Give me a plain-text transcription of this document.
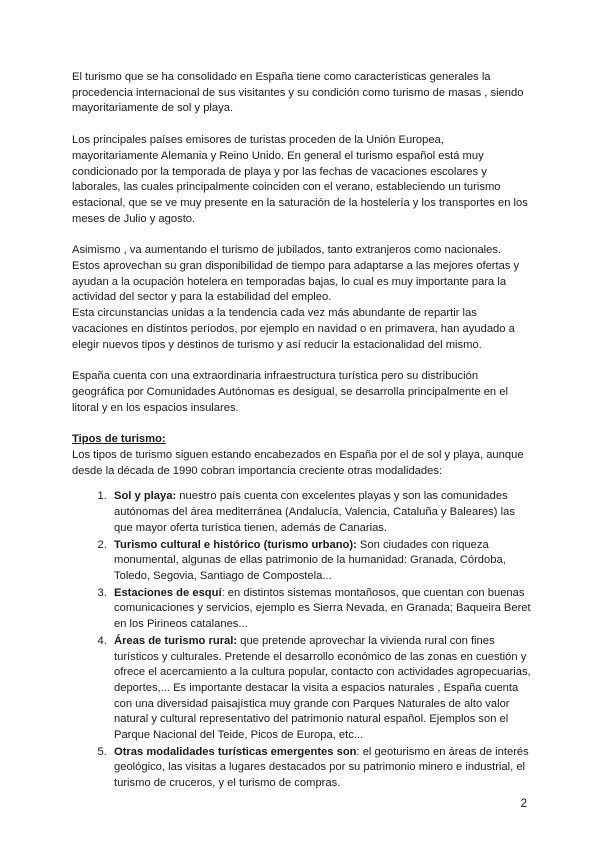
El turismo que se ha consolidado en España tiene como características generales la procedencia internacional de sus visitantes y su condición como turismo de masas , siendo mayoritariamente de sol y playa.

Los principales países emisores de turistas proceden de la Unión Europea, mayoritariamente Alemania y Reino Unido. En general el turismo español está muy condicionado por la temporada de playa y por las fechas de vacaciones escolares y laborales, las cuales principalmente coinciden con el verano, estableciendo un turismo estacional, que se ve muy presente en la saturación de la hostelería y los transportes en los meses de Julio y agosto.

Asimismo , va aumentando el turismo de jubilados, tanto extranjeros como nacionales. Estos aprovechan su gran disponibilidad de tiempo para adaptarse a las mejores ofertas y ayudan a la ocupación hotelera en temporadas bajas, lo cual es muy importante para la actividad del sector y para la estabilidad del empleo.

Esta circunstancias unidas a la tendencia cada vez más abundante de repartir las vacaciones en distintos períodos, por ejemplo en navidad o en primavera, han ayudado a elegir nuevos tipos y destinos de turismo y así reducir la estacionalidad del mismo.

España cuenta con una extraordinaria infraestructura turística pero su distribución geográfica por Comunidades Autónomas es desigual, se desarrolla principalmente en el litoral y en los espacios insulares.

Tipos de turismo:

Los tipos de turismo siguen estando encabezados en España por el de sol y playa, aunque desde la década de 1990 cobran importancia creciente otras modalidades:

1. Sol y playa: nuestro país cuenta con excelentes playas y son las comunidades autónomas del área mediterránea (Andalucía, Valencia, Cataluña y Baleares) las que mayor oferta turística tienen, además de Canarias.
2. Turismo cultural e histórico (turismo urbano): Son ciudades con riqueza monumental, algunas de ellas patrimonio de la humanidad: Granada, Córdoba, Toledo, Segovia, Santiago de Compostela...
3. Estaciones de esquí: en distintos sistemas montañosos, que cuentan con buenas comunicaciones y servicios, ejemplo es Sierra Nevada, en Granada; Baqueira Beret en los Pirineos catalanes...
4. Áreas de turismo rural: que pretende aprovechar la vivienda rural con fines turísticos y culturales. Pretende el desarrollo económico de las zonas en cuestión y ofrece el acercamiento a la cultura popular, contacto con actividades agropecuarias, deportes,... Es importante destacar la visita a espacios naturales , España cuenta con una diversidad paisajística muy grande con Parques Naturales de alto valor natural y cultural representativo del patrimonio natural español. Ejemplos son el Parque Nacional del Teide, Picos de Europa, etc...
5. Otras modalidades turísticas emergentes son: el geoturismo en áreas de interés geológico, las visitas a lugares destacados por su patrimonio minero e industrial, el turismo de cruceros, y el turismo de compras.
2
